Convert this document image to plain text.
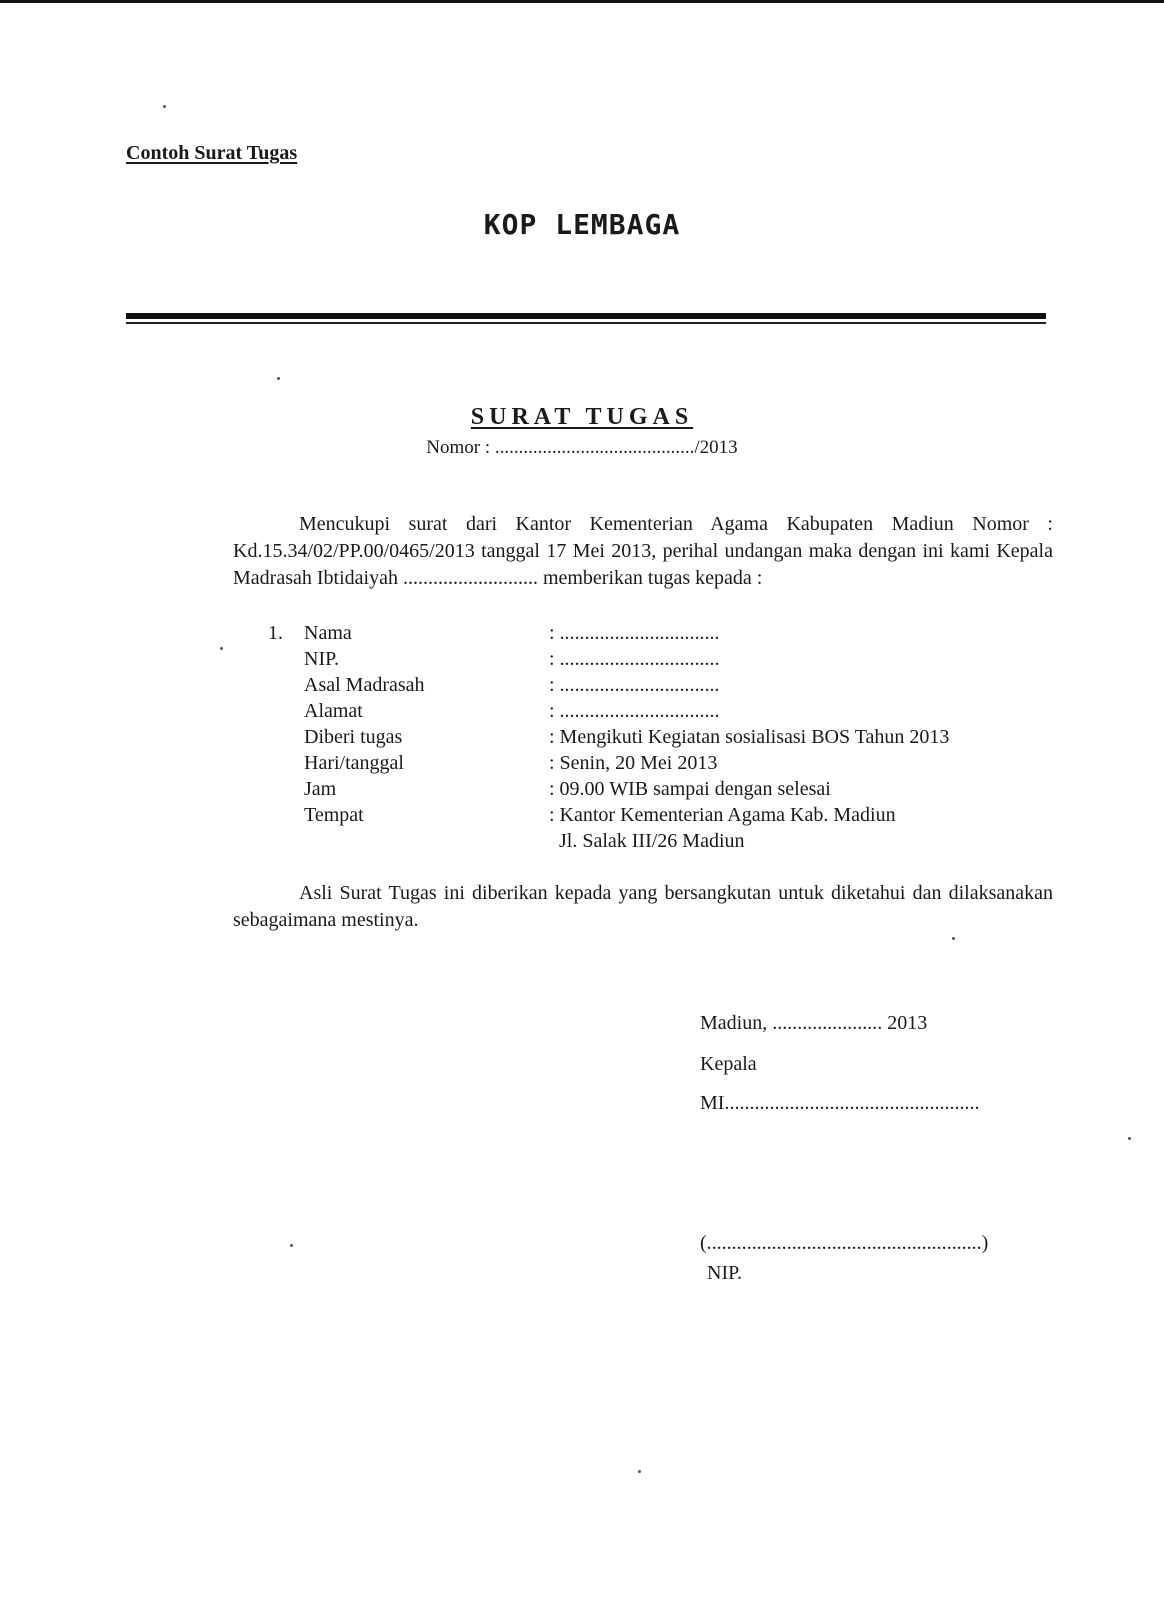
Contoh Surat Tugas
KOP LEMBAGA
SURAT TUGAS
Nomor : ........................................../2013
Mencukupi surat dari Kantor Kementerian Agama Kabupaten Madiun Nomor : Kd.15.34/02/PP.00/0465/2013 tanggal 17 Mei 2013, perihal undangan maka dengan ini kami Kepala Madrasah Ibtidaiyah ........................... memberikan tugas kepada :
1.	Nama	: ................................
NIP.	: ................................
Asal Madrasah	: ................................
Alamat	: ................................
Diberi tugas	: Mengikuti Kegiatan sosialisasi BOS Tahun 2013
Hari/tanggal	: Senin, 20 Mei 2013
Jam	: 09.00 WIB sampai dengan selesai
Tempat	: Kantor Kementerian Agama Kab. Madiun
Jl. Salak III/26 Madiun
Asli Surat Tugas ini diberikan kepada yang bersangkutan untuk diketahui dan dilaksanakan sebagaimana mestinya.
Madiun, ...................... 2013
Kepala
MI...................................................
(.......................................................)
NIP.
